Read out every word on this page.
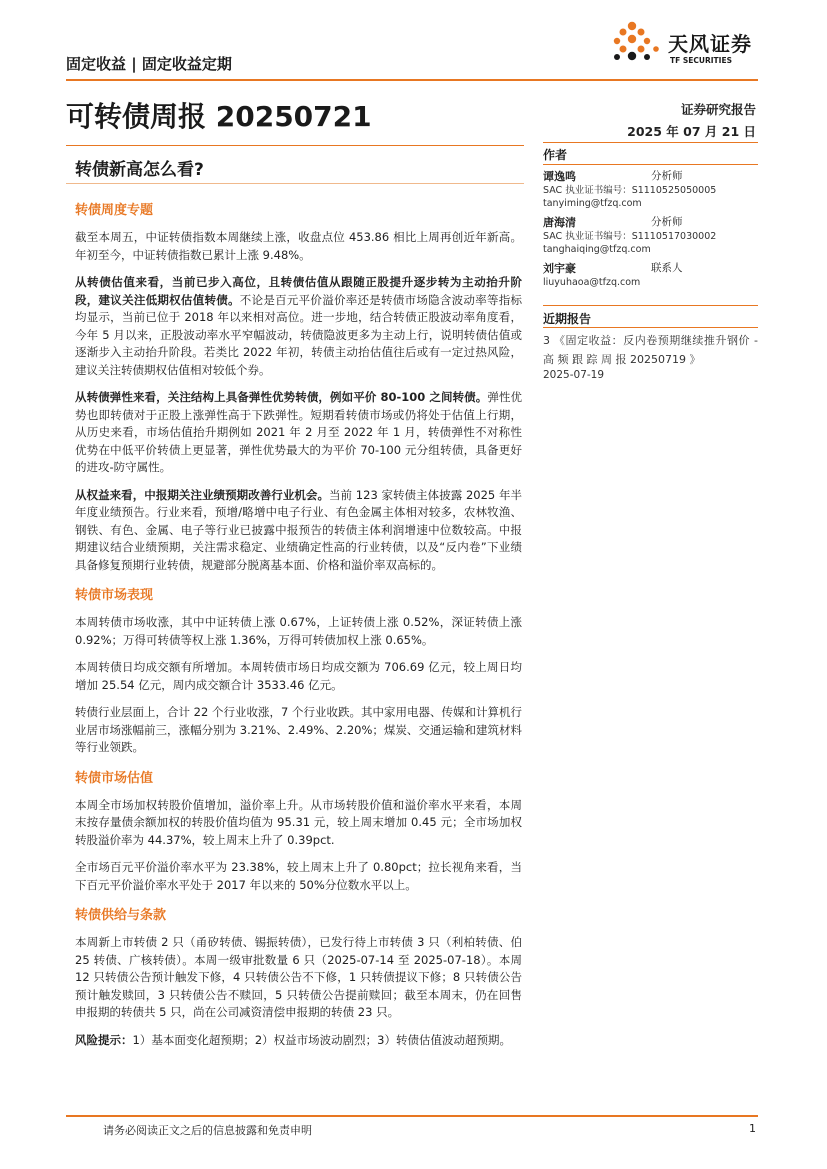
固定收益 | 固定收益定期
天风证券
TF SECURITIES
可转债周报 20250721	证券研究报告
2025 年 07 月 21 日
转债新高怎么看?
转债周度专题

截至本周五，中证转债指数本周継续上涨，收盘点位 453.86 相比上周再创近年新高。年初至今，中证转债指数已累计上涨 9.48%。

从转债估值来看，当前已步入高位，且转债估值从跟随正股提升逐步转为主动抬升阶段，建议关注低期权估值转债。不论是百元平价溢价率还是转债市场隐含波动率等指标均显示，当前已位于 2018 年以来相对高位。进一步地，结合转债正股波动率角度看，今年 5 月以来，正股波动率水平窄幅波动，转债隐波更多为主动上行，说明转债估值或逐渐步入主动抬升阶段。若类比 2022 年初，转债主动抬估值往后或有一定过热风险，建议关注转债期权估值相对较低个券。

从转债弹性来看，关注结构上具备弹性优势转债，例如平价 80-100 之间转债。弹性优势也即转债对于正股上涨弹性高于下跌弹性。短期看转债市场或仍将处于估值上行期，从历史来看，市场估值抬升期例如 2021 年 2 月至 2022 年 1 月，转债弹性不对称性优势在中低平价转债上更显著，弹性优势最大的为平价 70-100 元分组转债，具备更好的进攻-防守属性。

从权益来看，中报期关注业绩预期改善行业机会。当前 123 家转债主体披露 2025 年半年度业绩预告。行业来看，预增/略增中电子行业、有色金属主体相对较多，农林牧渔、钢铁、有色、金属、电子等行业已披露中报预告的转债主体利润增速中位数较高。中报期建议结合业绩预期，关注需求稳定、业绩确定性高的行业转债，以及“反内卷”下业绩具备修复预期行业转债，规避部分脱离基本面、价格和溢价率双高标的。

转债市场表现

本周转债市场收涨，其中中证转债上涨 0.67%，上证转债上涨 0.52%，深证转债上涨 0.92%；万得可转债等权上涨 1.36%，万得可转债加权上涨 0.65%。

本周转债日均成交额有所增加。本周转债市场日均成交额为 706.69 亿元，较上周日均增加 25.54 亿元，周内成交额合计 3533.46 亿元。

转债行业层面上，合计 22 个行业收涨，7 个行业收跌。其中家用电器、传媒和计算机行业居市场涨幅前三，涨幅分别为 3.21%、2.49%、2.20%；煤炭、交通运输和建筑材料等行业领跌。

转债市场估值

本周全市场加权转股价值增加，溢价率上升。从市场转股价值和溢价率水平来看，本周末按存量债余额加权的转股价值均值为 95.31 元，较上周末增加 0.45 元；全市场加权转股溢价率为 44.37%，较上周末上升了 0.39pct.

全市场百元平价溢价率水平为 23.38%，较上周末上升了 0.80pct；拉长视角来看，当下百元平价溢价率水平处于 2017 年以来的 50%分位数水平以上。

转债供给与条款

本周新上市转债 2 只（甬矽转债、锡振转债），已发行待上市转债 3 只（利柏转债、伯 25 转债、广核转债）。本周一级审批数量 6 只（2025-07-14 至 2025-07-18）。本周 12 只转债公告预计触发下修，4 只转债公告不下修，1 只转债提议下修；8 只转债公告预计触发赎回，3 只转债公告不赎回，5 只转债公告提前赎回；截至本周末，仍在回售申报期的转债共 5 只，尚在公司减资清偿申报期的转债 23 只。

风险提示：1）基本面变化超预期；2）权益市场波动剧烈；3）转债估值波动超预期。

作者
谭逸鸣	分析师
SAC 执业证书编号：S1110525050005
tanyiming@tfzq.com
唐海清	分析师
SAC 执业证书编号：S1110517030002
tanghaiqing@tfzq.com
刘宇豪	联系人
liuyuhaoa@tfzq.com
近期报告
3 《固定收益：反内卷预期继续推升钢价 - 高 频 跟 踪 周 报 20250719 》
2025-07-19
请务必阅读正文之后的信息披露和免责申明	1
